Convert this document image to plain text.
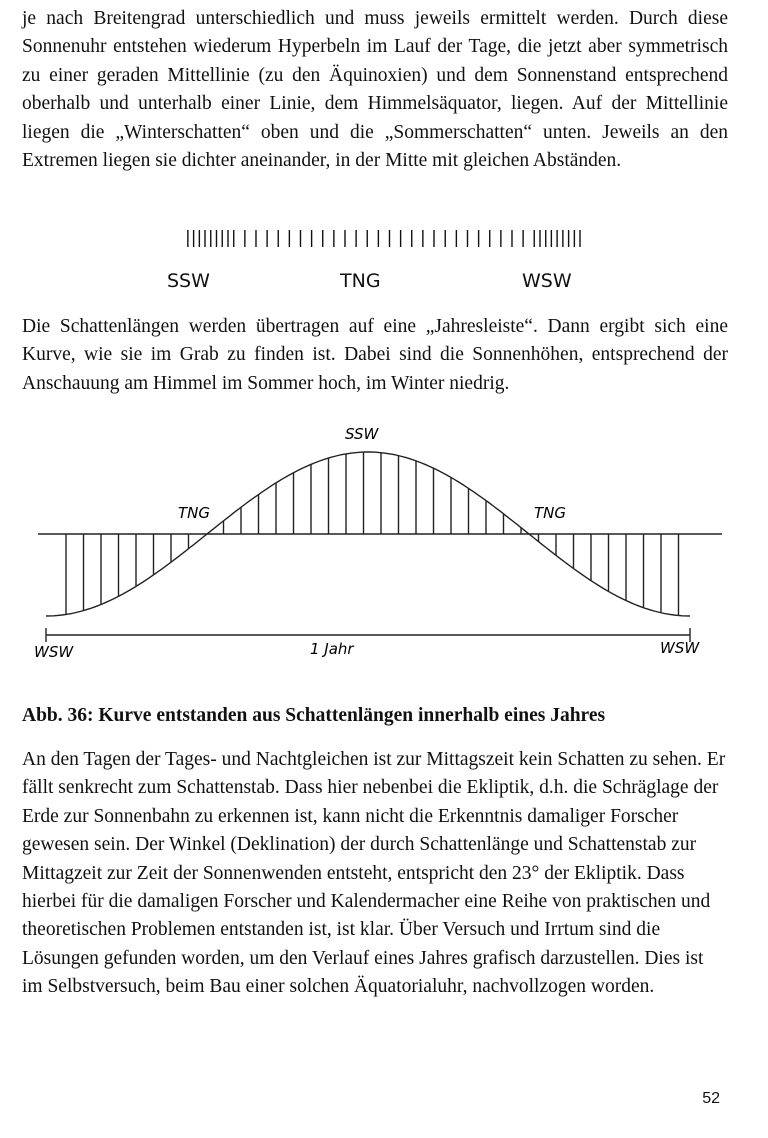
je nach Breitengrad unterschiedlich und muss jeweils ermittelt werden. Durch diese Sonnenuhr entstehen wiederum Hyperbeln im Lauf der Tage, die jetzt aber symmetrisch zu einer geraden Mittellinie (zu den Äquinoxien) und dem Sonnenstand entsprechend oberhalb und unterhalb einer Linie, dem Himmelsäquator, liegen. Auf der Mittellinie liegen die „Winterschatten“ oben und die „Sommerschatten“ unten. Jeweils an den Extremen liegen sie dichter aneinander, in der Mitte mit gleichen Abständen.
||||||||| | | | | | | | | | | | | | | | | | | | | | | | | | | |||||||||
SSW	TNG	WSW
Die Schattenlängen werden übertragen auf eine „Jahresleiste“. Dann ergibt sich eine Kurve, wie sie im Grab zu finden ist. Dabei sind die Sonnenhöhen, entsprechend der Anschauung am Himmel im Sommer hoch, im Winter niedrig.
SSW
TNG	TNG
WSW	1 Jahr	WSW
Abb. 36: Kurve entstanden aus Schattenlängen innerhalb eines Jahres
An den Tagen der Tages- und Nachtgleichen ist zur Mittagszeit kein Schatten zu sehen. Er fällt senkrecht zum Schattenstab. Dass hier nebenbei die Ekliptik, d.h. die Schräglage der Erde zur Sonnenbahn zu erkennen ist, kann nicht die Erkenntnis damaliger Forscher gewesen sein. Der Winkel (Deklination) der durch Schattenlänge und Schattenstab zur Mittagzeit zur Zeit der Sonnenwenden entsteht, entspricht den 23° der Ekliptik. Dass hierbei für die damaligen Forscher und Kalendermacher eine Reihe von praktischen und theoretischen Problemen entstanden ist, ist klar. Über Versuch und Irrtum sind die Lösungen gefunden worden, um den Verlauf eines Jahres grafisch darzustellen. Dies ist im Selbstversuch, beim Bau einer solchen Äquatorialuhr, nachvollzogen worden.
52
